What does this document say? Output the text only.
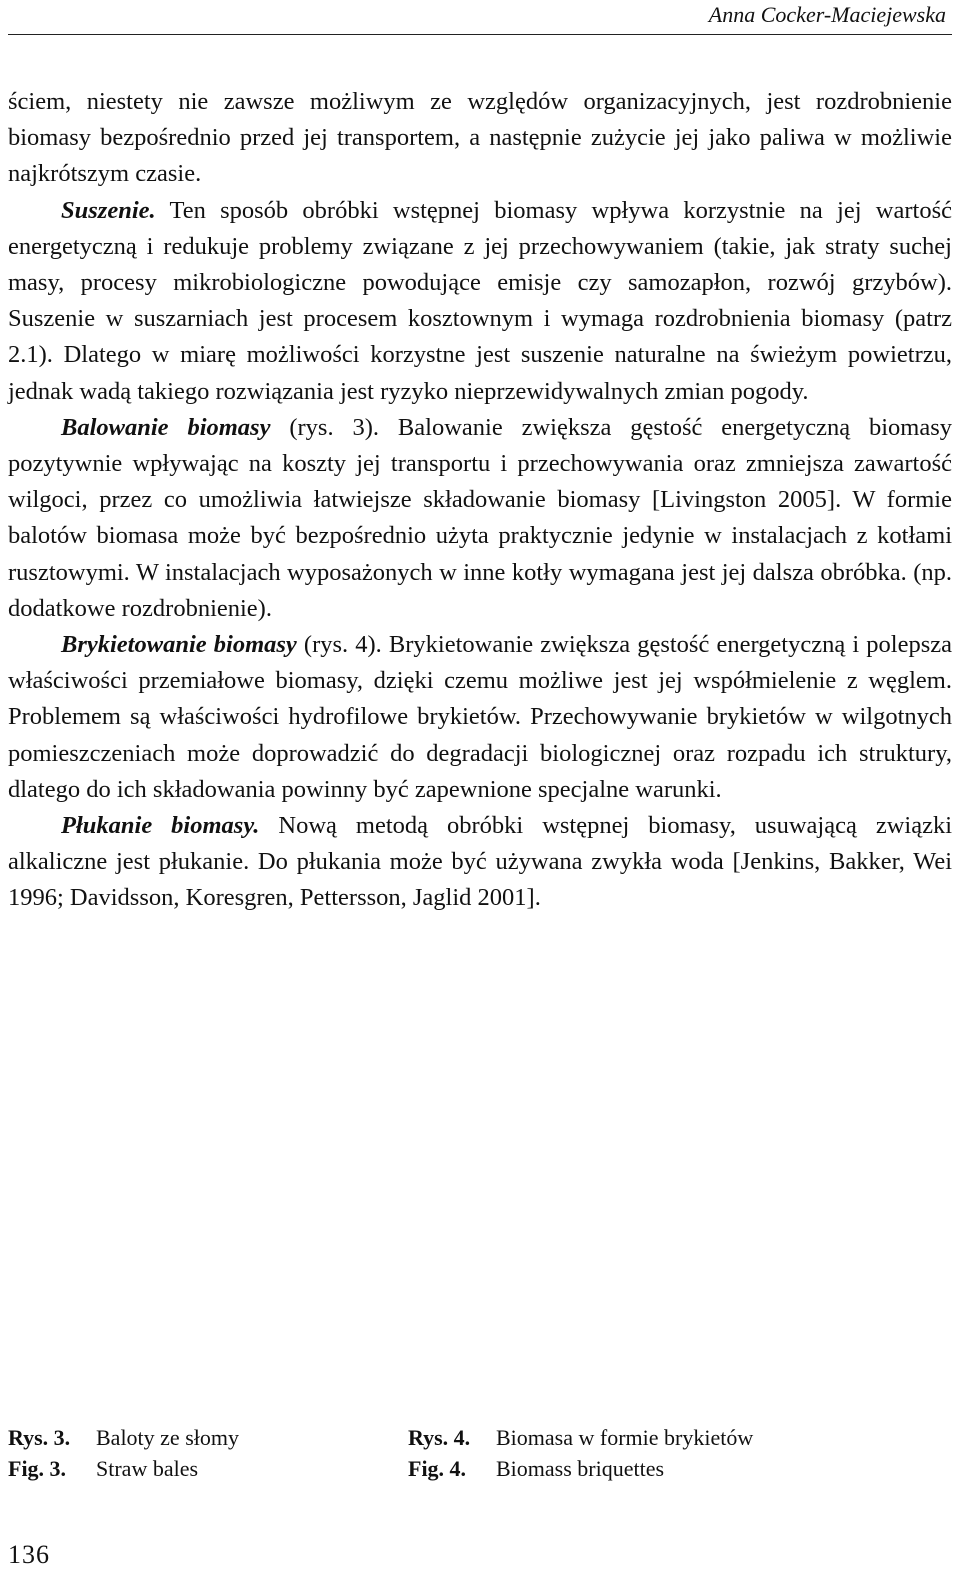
Anna Cocker-Maciejewska

ściem, niestety nie zawsze możliwym ze względów organizacyjnych, jest rozdrobnienie biomasy bezpośrednio przed jej transportem, a następnie zużycie jej jako paliwa w możliwie najkrótszym czasie.

Suszenie. Ten sposób obróbki wstępnej biomasy wpływa korzystnie na jej wartość energetyczną i redukuje problemy związane z jej przechowywaniem (takie, jak straty suchej masy, procesy mikrobiologiczne powodujące emisje czy samozapłon, rozwój grzybów). Suszenie w suszarniach jest procesem kosztownym i wymaga rozdrobnienia biomasy (patrz 2.1). Dlatego w miarę możliwości korzystne jest suszenie naturalne na świeżym powietrzu, jednak wadą takiego rozwiązania jest ryzyko nieprzewidywalnych zmian pogody.

Balowanie biomasy (rys. 3). Balowanie zwiększa gęstość energetyczną biomasy pozytywnie wpływając na koszty jej transportu i przechowywania oraz zmniejsza zawartość wilgoci, przez co umożliwia łatwiejsze składowanie biomasy [Livingston 2005]. W formie balotów biomasa może być bezpośrednio użyta praktycznie jedynie w instalacjach z kotłami rusztowymi. W instalacjach wyposażonych w inne kotły wymagana jest jej dalsza obróbka. (np. dodatkowe rozdrobnienie).

Brykietowanie biomasy (rys. 4). Brykietowanie zwiększa gęstość energetyczną i polepsza właściwości przemiałowe biomasy, dzięki czemu możliwe jest jej współmielenie z węglem. Problemem są właściwości hydrofilowe brykietów. Przechowywanie brykietów w wilgotnych pomieszczeniach może doprowadzić do degradacji biologicznej oraz rozpadu ich struktury, dlatego do ich składowania powinny być zapewnione specjalne warunki.

Płukanie biomasy. Nową metodą obróbki wstępnej biomasy, usuwającą związki alkaliczne jest płukanie. Do płukania może być używana zwykła woda [Jenkins, Bakker, Wei 1996; Davidsson, Koresgren, Pettersson, Jaglid 2001].

Rys. 3. Baloty ze słomy
Fig. 3. Straw bales
Rys. 4. Biomasa w formie brykietów
Fig. 4. Biomass briquettes
136
